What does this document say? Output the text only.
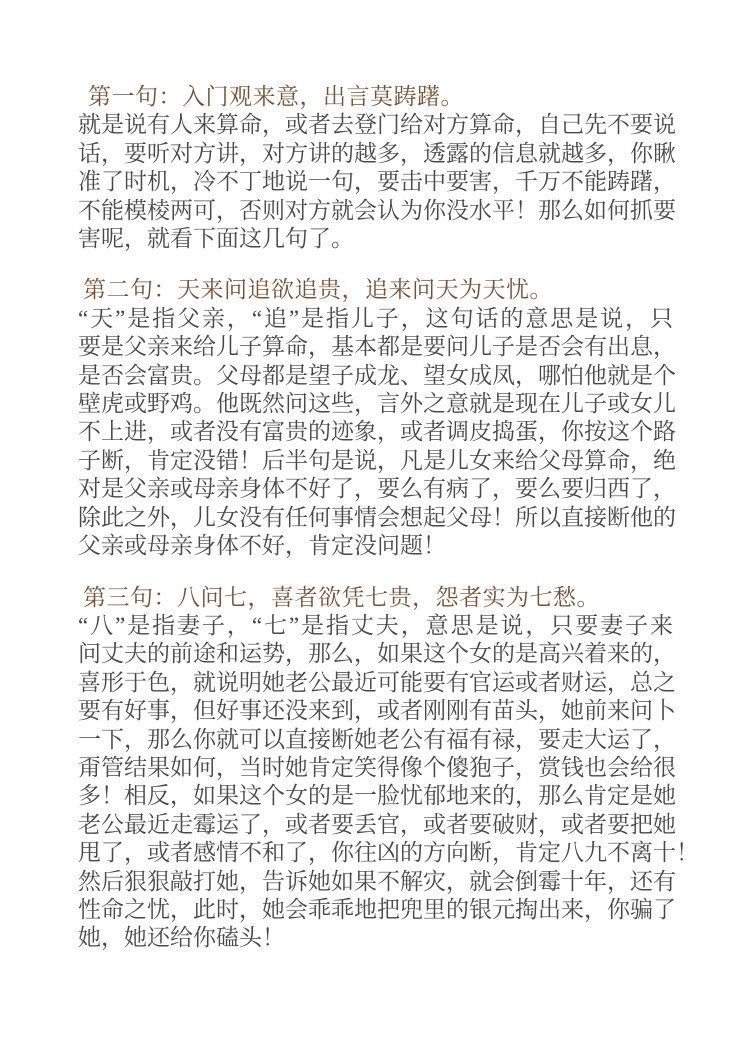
第一句：入门观来意，出言莫踌躇。

就是说有人来算命，或者去登门给对方算命，自己先不要说

话，要听对方讲，对方讲的越多，透露的信息就越多，你瞅

准了时机，冷不丁地说一句，要击中要害，千万不能踌躇，

不能模棱两可，否则对方就会认为你没水平！那么如何抓要

害呢，就看下面这几句了。

第二句：天来问追欲追贵，追来问天为天忧。

“天”是指父亲，“追”是指儿子，这句话的意思是说，只

要是父亲来给儿子算命，基本都是要问儿子是否会有出息，

是否会富贵。父母都是望子成龙、望女成凤，哪怕他就是个

壁虎或野鸡。他既然问这些，言外之意就是现在儿子或女儿

不上进，或者没有富贵的迹象，或者调皮捣蛋，你按这个路

子断，肯定没错！后半句是说，凡是儿女来给父母算命，绝

对是父亲或母亲身体不好了，要么有病了，要么要归西了，

除此之外，儿女没有任何事情会想起父母！所以直接断他的

父亲或母亲身体不好，肯定没问题！

第三句：八问七，喜者欲凭七贵，怨者实为七愁。

“八”是指妻子，“七”是指丈夫，意思是说，只要妻子来

问丈夫的前途和运势，那么，如果这个女的是高兴着来的，

喜形于色，就说明她老公最近可能要有官运或者财运，总之

要有好事，但好事还没来到，或者刚刚有苗头，她前来问卜

一下，那么你就可以直接断她老公有福有禄，要走大运了，

甭管结果如何，当时她肯定笑得像个傻狍子，赏钱也会给很

多！相反，如果这个女的是一脸忧郁地来的，那么肯定是她

老公最近走霉运了，或者要丢官，或者要破财，或者要把她

甩了，或者感情不和了，你往凶的方向断，肯定八九不离十！

然后狠狠敲打她，告诉她如果不解灾，就会倒霉十年，还有

性命之忧，此时，她会乖乖地把兜里的银元掏出来，你骗了

她，她还给你磕头！
